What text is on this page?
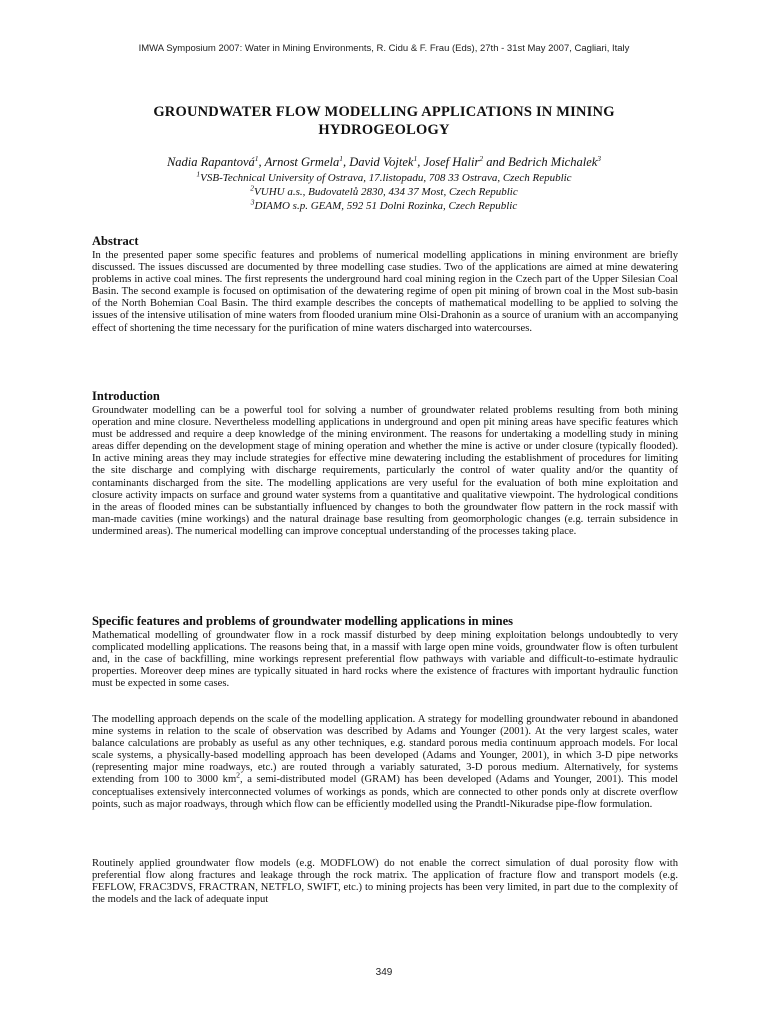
IMWA Symposium 2007: Water in Mining Environments, R. Cidu & F. Frau (Eds), 27th - 31st May 2007, Cagliari, Italy
GROUNDWATER FLOW MODELLING APPLICATIONS IN MINING
HYDROGEOLOGY
Nadia Rapantová$^1$, Arnost Grmela$^1$, David Vojtek$^1$, Josef Halir$^2$ and Bedrich Michalek$^3$
$^1$VSB-Technical University of Ostrava, 17.listopadu, 708 33 Ostrava, Czech Republic
$^2$VUHU a.s., Budovatelů 2830, 434 37 Most, Czech Republic
$^3$DIAMO s.p. GEAM, 592 51 Dolni Rozinka, Czech Republic
Abstract

In the presented paper some specific features and problems of numerical modelling applications in mining environment are briefly discussed. The issues discussed are documented by three modelling case studies. Two of the applications are aimed at mine dewatering problems in active coal mines. The first represents the underground hard coal mining region in the Czech part of the Upper Silesian Coal Basin. The second example is focused on optimisation of the dewatering regime of open pit mining of brown coal in the Most sub-basin of the North Bohemian Coal Basin. The third example describes the concepts of mathematical modelling to be applied to solving the issues of the intensive utilisation of mine waters from flooded uranium mine Olsi-Drahonin as a source of uranium with an accompanying effect of shortening the time necessary for the purification of mine waters discharged into watercourses.

Introduction

Groundwater modelling can be a powerful tool for solving a number of groundwater related problems resulting from both mining operation and mine closure. Nevertheless modelling applications in underground and open pit mining areas have specific features which must be addressed and require a deep knowledge of the mining environment. The reasons for undertaking a modelling study in mining areas differ depending on the development stage of mining operation and whether the mine is active or under closure (typically flooded). In active mining areas they may include strategies for effective mine dewatering including the establishment of procedures for limiting the site discharge and complying with discharge requirements, particularly the control of water quality and/or the quantity of contaminants discharged from the site. The modelling applications are very useful for the evaluation of both mine exploitation and closure activity impacts on surface and ground water systems from a quantitative and qualitative viewpoint. The hydrological conditions in the areas of flooded mines can be substantially influenced by changes to both the groundwater flow pattern in the rock massif with man-made cavities (mine workings) and the natural drainage base resulting from geomorphologic changes (e.g. terrain subsidence in undermined areas). The numerical modelling can improve conceptual understanding of the processes taking place.

Specific features and problems of groundwater modelling applications in mines

Mathematical modelling of groundwater flow in a rock massif disturbed by deep mining exploitation belongs undoubtedly to very complicated modelling applications. The reasons being that, in a massif with large open mine voids, groundwater flow is often turbulent and, in the case of backfilling, mine workings represent preferential flow pathways with variable and difficult-to-estimate hydraulic properties. Moreover deep mines are typically situated in hard rocks where the existence of fractures with important hydraulic function must be expected in some cases.

The modelling approach depends on the scale of the modelling application. A strategy for modelling groundwater rebound in abandoned mine systems in relation to the scale of observation was described by Adams and Younger (2001). At the very largest scales, water balance calculations are probably as useful as any other techniques, e.g. standard porous media continuum approach models. For local scale systems, a physically-based modelling approach has been developed (Adams and Younger, 2001), in which 3-D pipe networks (representing major mine roadways, etc.) are routed through a variably saturated, 3-D porous medium. Alternatively, for systems extending from 100 to 3000 $km^2$, a semi-distributed model (GRAM) has been developed (Adams and Younger, 2001). This model conceptualises extensively interconnected volumes of workings as ponds, which are connected to other ponds only at discrete overflow points, such as major roadways, through which flow can be efficiently modelled using the Prandtl-Nikuradse pipe-flow formulation.

Routinely applied groundwater flow models (e.g. MODFLOW) do not enable the correct simulation of dual porosity flow with preferential flow along fractures and leakage through the rock matrix. The application of fracture flow and transport models (e.g. FEFLOW, FRAC3DVS, FRACTRAN, NETFLO, SWIFT, etc.) to mining projects has been very limited, in part due to the complexity of the models and the lack of adequate input

349
